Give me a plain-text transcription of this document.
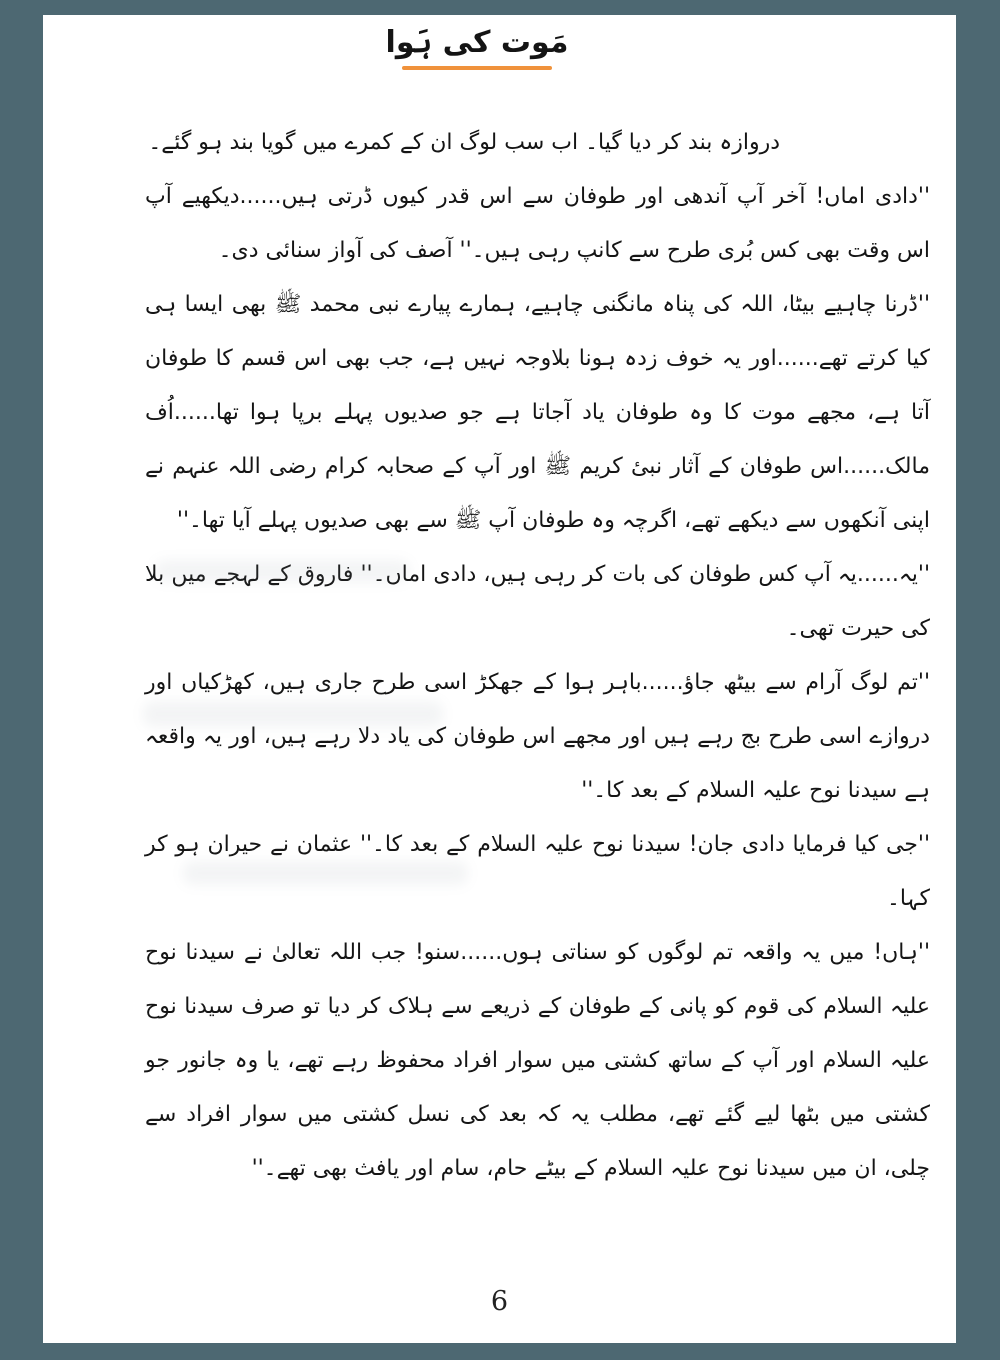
مَوت کی ہَوا

دروازہ بند کر دیا گیا۔ اب سب لوگ ان کے کمرے میں گویا بند ہو گئے۔

''دادی اماں! آخر آپ آندھی اور طوفان سے اس قدر کیوں ڈرتی ہیں......دیکھیے آپ اس وقت بھی کس بُری طرح سے کانپ رہی ہیں۔'' آصف کی آواز سنائی دی۔

''ڈرنا چاہیے بیٹا، اللہ کی پناہ مانگنی چاہیے، ہمارے پیارے نبی محمد ﷺ بھی ایسا ہی کیا کرتے تھے......اور یہ خوف زدہ ہونا بلاوجہ نہیں ہے، جب بھی اس قسم کا طوفان آتا ہے، مجھے موت کا وہ طوفان یاد آجاتا ہے جو صدیوں پہلے برپا ہوا تھا......اُف مالک......اس طوفان کے آثار نبیٔ کریم ﷺ اور آپ کے صحابہ کرام رضی اللہ عنہم نے اپنی آنکھوں سے دیکھے تھے، اگرچہ وہ طوفان آپ ﷺ سے بھی صدیوں پہلے آیا تھا۔''

''یہ......یہ آپ کس طوفان کی بات کر رہی ہیں، دادی اماں۔'' فاروق کے لہجے میں بلا کی حیرت تھی۔

''تم لوگ آرام سے بیٹھ جاؤ......باہر ہوا کے جھکڑ اسی طرح جاری ہیں، کھڑکیاں اور دروازے اسی طرح بج رہے ہیں اور مجھے اس طوفان کی یاد دلا رہے ہیں، اور یہ واقعہ ہے سیدنا نوح علیہ السلام کے بعد کا۔''

''جی کیا فرمایا دادی جان! سیدنا نوح علیہ السلام کے بعد کا۔'' عثمان نے حیران ہو کر کہا۔

''ہاں! میں یہ واقعہ تم لوگوں کو سناتی ہوں......سنو! جب اللہ تعالیٰ نے سیدنا نوح علیہ السلام کی قوم کو پانی کے طوفان کے ذریعے سے ہلاک کر دیا تو صرف سیدنا نوح علیہ السلام اور آپ کے ساتھ کشتی میں سوار افراد محفوظ رہے تھے، یا وہ جانور جو کشتی میں بٹھا لیے گئے تھے، مطلب یہ کہ بعد کی نسل کشتی میں سوار افراد سے چلی، ان میں سیدنا نوح علیہ السلام کے بیٹے حام، سام اور یافث بھی تھے۔''

6
